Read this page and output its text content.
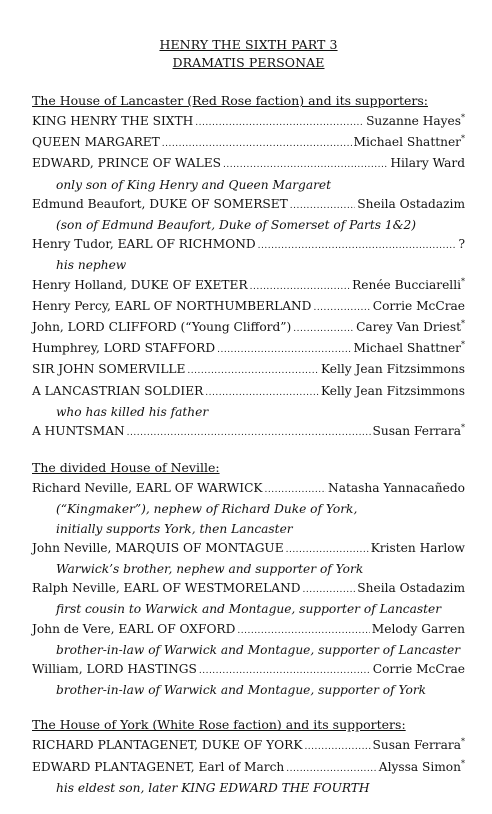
HENRY THE SIXTH PART 3
DRAMATIS PERSONAE
The House of Lancaster (Red Rose faction) and its supporters:
KING HENRY THE SIXTH .....	Suzanne Hayes*
QUEEN MARGARET .....	Michael Shattner*
EDWARD, PRINCE OF WALES .....	Hilary Ward
only son of King Henry and Queen Margaret
Edmund Beaufort, DUKE OF SOMERSET .....	Sheila Ostadazim
(son of Edmund Beaufort, Duke of Somerset of Parts 1&2)
Henry Tudor, EARL OF RICHMOND .....	?
his nephew
Henry Holland, DUKE OF EXETER .....	Renée Bucciarelli*
Henry Percy, EARL OF NORTHUMBERLAND .....	Corrie McCrae
John, LORD CLIFFORD (“Young Clifford”) .....	Carey Van Driest*
Humphrey, LORD STAFFORD .....	Michael Shattner*
SIR JOHN SOMERVILLE .....	Kelly Jean Fitzsimmons
A LANCASTRIAN SOLDIER .....	Kelly Jean Fitzsimmons
who has killed his father
A HUNTSMAN .....	Susan Ferrara*
The divided House of Neville:
Richard Neville, EARL OF WARWICK .....	Natasha Yannacañedo
(“Kingmaker”), nephew of Richard Duke of York,
initially supports York, then Lancaster
John Neville, MARQUIS OF MONTAGUE .....	Kristen Harlow
Warwick’s brother, nephew and supporter of York
Ralph Neville, EARL OF WESTMORELAND .....	Sheila Ostadazim
first cousin to Warwick and Montague, supporter of Lancaster
John de Vere, EARL OF OXFORD .....	Melody Garren
brother-in-law of Warwick and Montague, supporter of Lancaster
William, LORD HASTINGS .....	Corrie McCrae
brother-in-law of Warwick and Montague, supporter of York
The House of York (White Rose faction) and its supporters:
RICHARD PLANTAGENET, DUKE OF YORK .....	Susan Ferrara*
EDWARD PLANTAGENET, Earl of March .....	Alyssa Simon*
his eldest son, later KING EDWARD THE FOURTH
